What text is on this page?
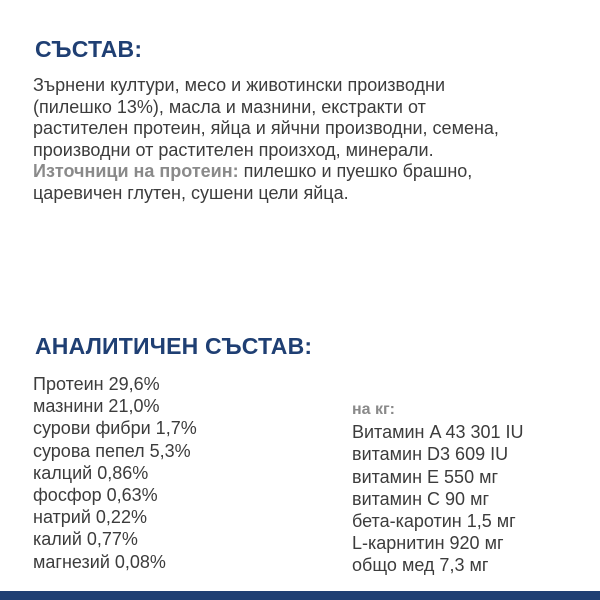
СЪСТАВ:
Зърнени култури, месо и животински производни
(пилешко 13%), масла и мазнини, екстракти от
растителен протеин, яйца и яйчни производни, семена,
производни от растителен произход, минерали.
Източници на протеин: пилешко и пуешко брашно,
царевичен глутен, сушени цели яйца.
АНАЛИТИЧЕН СЪСТАВ:
Протеин 29,6%
мазнини 21,0%
сурови фибри 1,7%
сурова пепел 5,3%
калций 0,86%
фосфор 0,63%
натрий 0,22%
калий 0,77%
магнезий 0,08%
на кг:
Витамин A 43 301 IU
витамин D3 609 IU
витамин E 550 мг
витамин C 90 мг
бета-каротин 1,5 мг
L-карнитин 920 мг
общо мед 7,3 мг
